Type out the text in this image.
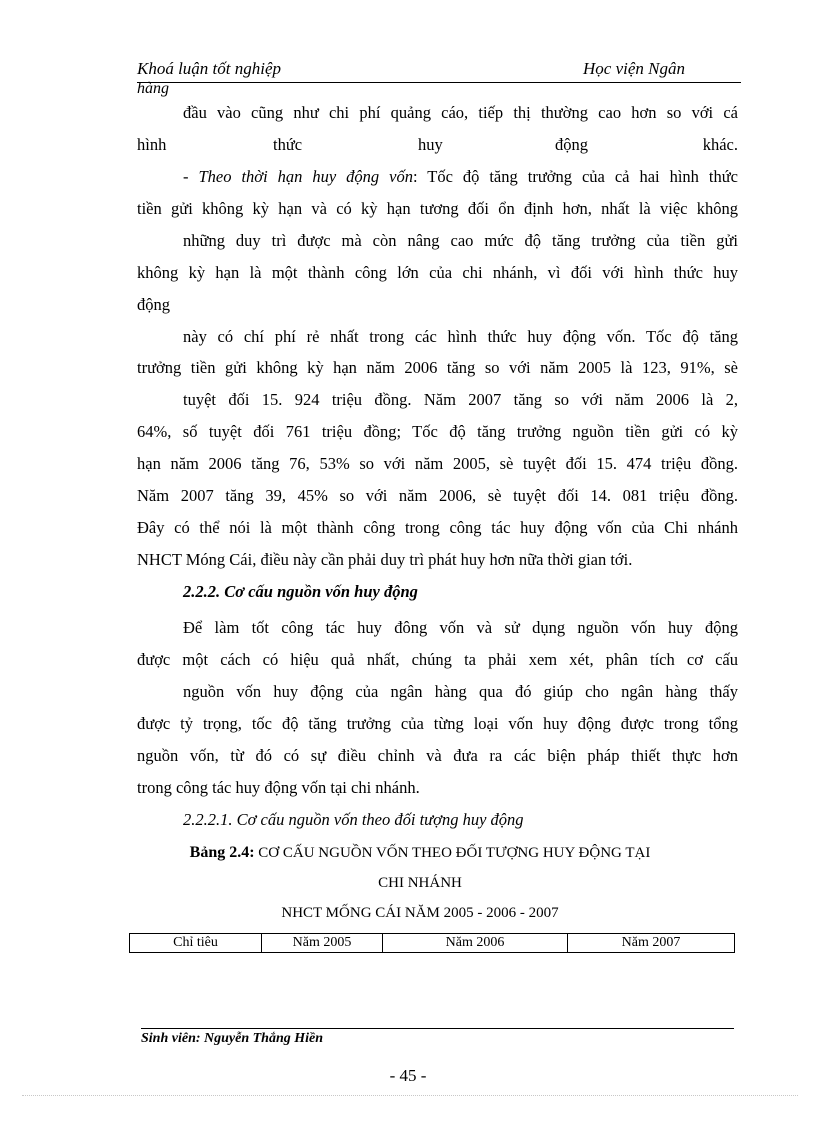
Khoá luận tốt nghiệp	Học viện Ngân
hàng
đầu vào cũng như chi phí quảng cáo, tiếp thị thường cao hơn so với cá
hình	thức	huy	động	khác.
- Theo thời hạn huy động vốn: Tốc độ tăng trưởng của cả hai hình thức
tiền gửi không kỳ hạn và có kỳ hạn tương đối ổn định hơn, nhất là việc không
những duy trì được mà còn nâng cao mức độ tăng trưởng của tiền gửi
không kỳ hạn là một thành công lớn của chi nhánh, vì đối với hình thức huy
động
này có chí phí rẻ nhất trong các hình thức huy động vốn. Tốc độ tăng
trưởng tiền gửi không kỳ hạn năm 2006 tăng so với năm 2005 là 123, 91%, sè
tuyệt đối 15. 924 triệu đồng. Năm 2007 tăng so với năm 2006 là 2,
64%, số tuyệt đối 761 triệu đồng; Tốc độ tăng trưởng nguồn tiền gửi có kỳ
hạn năm 2006 tăng 76, 53% so với năm 2005, sè tuyệt đối 15. 474 triệu đồng.
Năm 2007 tăng 39, 45% so với năm 2006, sè tuyệt đối 14. 081 triệu đồng.
Đây có thể nói là một thành công trong công tác huy động vốn của Chi nhánh
NHCT Móng Cái, điều này cần phải duy trì phát huy hơn nữa thời gian tới.
2.2.2. Cơ cấu nguồn vốn huy động
Để làm tốt công tác huy đông vốn và sử dụng nguồn vốn huy động
được một cách có hiệu quả nhất, chúng ta phải xem xét, phân tích cơ cấu
nguồn vốn huy động của ngân hàng qua đó giúp cho ngân hàng thấy
được tỷ trọng, tốc độ tăng trưởng của từng loại vốn huy động được trong tổng
nguồn vốn, từ đó có sự điều chỉnh và đưa ra các biện pháp thiết thực hơn
trong công tác huy động vốn tại chi nhánh.
2.2.2.1. Cơ cấu nguồn vốn theo đối tượng huy động
Bảng 2.4: CƠ CẤU NGUỒN VỐN THEO ĐỐI TƯỢNG HUY ĐỘNG TẠI
CHI NHÁNH
NHCT MỐNG CÁI NĂM 2005 - 2006 - 2007
Chỉ tiêu	Năm 2005	Năm 2006	Năm 2007
Sinh viên: Nguyễn Thắng Hiền
- 45 -
